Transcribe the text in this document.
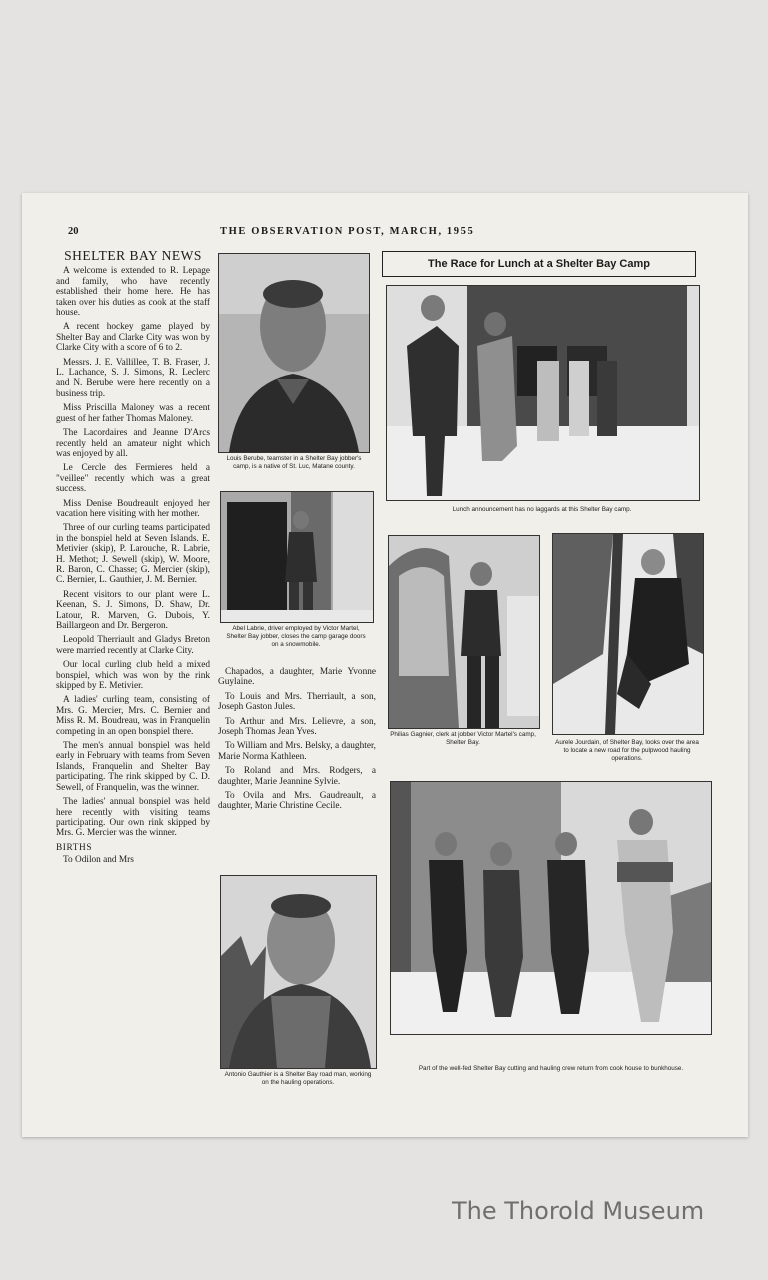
20	THE OBSERVATION POST, MARCH, 1955
SHELTER BAY NEWS

A welcome is extended to R. Lepage and family, who have recently established their home here. He has taken over his duties as cook at the staff house.

A recent hockey game played by Shelter Bay and Clarke City was won by Clarke City with a score of 6 to 2.

Messrs. J. E. Vallillee, T. B. Fraser, J. L. Lachance, S. J. Simons, R. Leclerc and N. Berube were here recently on a business trip.

Miss Priscilla Maloney was a recent guest of her father Thomas Maloney.

The Lacordaires and Jeanne D'Arcs recently held an amateur night which was enjoyed by all.

Le Cercle des Fermieres held a "veillee" recently which was a great success.

Miss Denise Boudreault enjoyed her vacation here visiting with her mother.

Three of our curling teams participated in the bonspiel held at Seven Islands. E. Metivier (skip), P. Larouche, R. Labrie, H. Methot; J. Sewell (skip), W. Moore, R. Baron, C. Chasse; G. Mercier (skip), C. Bernier, L. Gauthier, J. M. Bernier.

Recent visitors to our plant were L. Keenan, S. J. Simons, D. Shaw, Dr. Latour, R. Marven, G. Dubois, Y. Baillargeon and Dr. Bergeron.

Leopold Therriault and Gladys Breton were married recently at Clarke City.

Our local curling club held a mixed bonspiel, which was won by the rink skipped by E. Metivier.

A ladies' curling team, consisting of Mrs. G. Mercier, Mrs. C. Bernier and Miss R. M. Boudreau, was in Franquelin competing in an open bonspiel there.

The men's annual bonspiel was held early in February with teams from Seven Islands, Franquelin and Shelter Bay participating. The rink skipped by C. D. Sewell, of Franquelin, was the winner.

The ladies' annual bonspiel was held here recently with visiting teams participating. Our own rink skipped by Mrs. G. Mercier was the winner.

BIRTHS

To Odilon and Mrs

Louis Berube, teamster in a Shelter Bay jobber's camp, is a native of St. Luc, Matane county.
Abel Labrie, driver employed by Victor Martel, Shelter Bay jobber, closes the camp garage doors on a snowmobile.

Chapados, a daughter, Marie Yvonne Guylaine.

To Louis and Mrs. Therriault, a son, Joseph Gaston Jules.

To Arthur and Mrs. Lelievre, a son, Joseph Thomas Jean Yves.

To William and Mrs. Belsky, a daughter, Marie Norma Kathleen.

To Roland and Mrs. Rodgers, a daughter, Marie Jeannine Sylvie.

To Ovila and Mrs. Gaudreault, a daughter, Marie Christine Cecile.

Antonio Gauthier is a Shelter Bay road man, working on the hauling operations.
The Race for Lunch at a Shelter Bay Camp
Lunch announcement has no laggards at this Shelter Bay camp.
Philias Gagnier, clerk at jobber Victor Martel's camp, Shelter Bay.	Aurele Jourdain, of Shelter Bay, looks over the area to locate a new road for the pulpwood hauling operations.
Part of the well-fed Shelter Bay cutting and hauling crew return from cook house to bunkhouse.
The Thorold Museum
